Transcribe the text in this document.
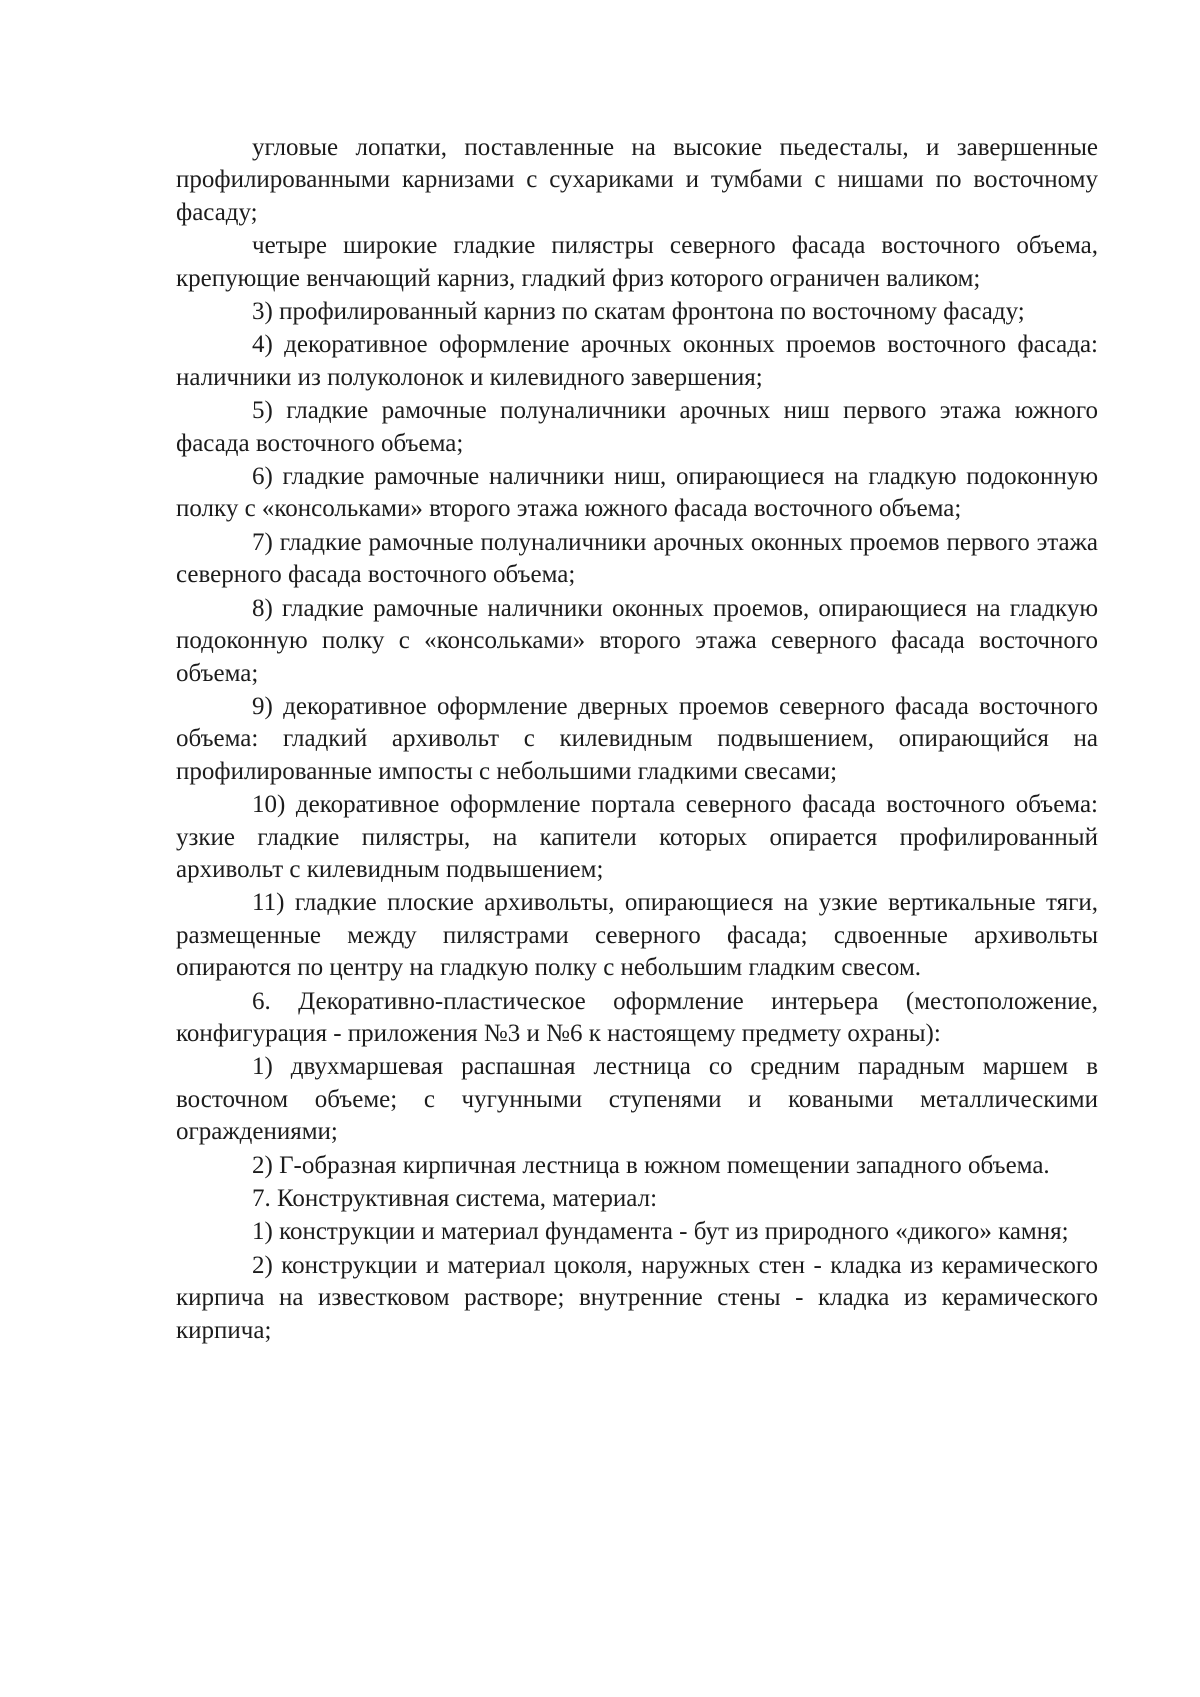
угловые лопатки, поставленные на высокие пьедесталы, и завершенные профилированными карнизами с сухариками и тумбами с нишами по восточному фасаду;

четыре широкие гладкие пилястры северного фасада восточного объема, крепующие венчающий карниз, гладкий фриз которого ограничен валиком;

3) профилированный карниз по скатам фронтона по восточному фасаду;

4) декоративное оформление арочных оконных проемов восточного фасада: наличники из полуколонок и килевидного завершения;

5) гладкие рамочные полуналичники арочных ниш первого этажа южного фасада восточного объема;

6) гладкие рамочные наличники ниш, опирающиеся на гладкую подоконную полку с «консольками» второго этажа южного фасада восточного объема;

7) гладкие рамочные полуналичники арочных оконных проемов первого этажа северного фасада восточного объема;

8) гладкие рамочные наличники оконных проемов, опирающиеся на гладкую подоконную полку с «консольками» второго этажа северного фасада восточного объема;

9) декоративное оформление дверных проемов северного фасада восточного объема: гладкий архивольт с килевидным подвышением, опирающийся на профилированные импосты с небольшими гладкими свесами;

10) декоративное оформление портала северного фасада восточного объема: узкие гладкие пилястры, на капители которых опирается профилированный архивольт с килевидным подвышением;

11) гладкие плоские архивольты, опирающиеся на узкие вертикальные тяги, размещенные между пилястрами северного фасада; сдвоенные архивольты опираются по центру на гладкую полку с небольшим гладким свесом.

6. Декоративно-пластическое оформление интерьера (местоположение, конфигурация - приложения №3 и №6 к настоящему предмету охраны):

1) двухмаршевая распашная лестница со средним парадным маршем в восточном объеме; с чугунными ступенями и коваными металлическими ограждениями;

2) Г-образная кирпичная лестница в южном помещении западного объема.

7. Конструктивная система, материал:

1) конструкции и материал фундамента - бут из природного «дикого» камня;

2) конструкции и материал цоколя, наружных стен - кладка из керамического кирпича на известковом растворе; внутренние стены - кладка из керамического кирпича;
